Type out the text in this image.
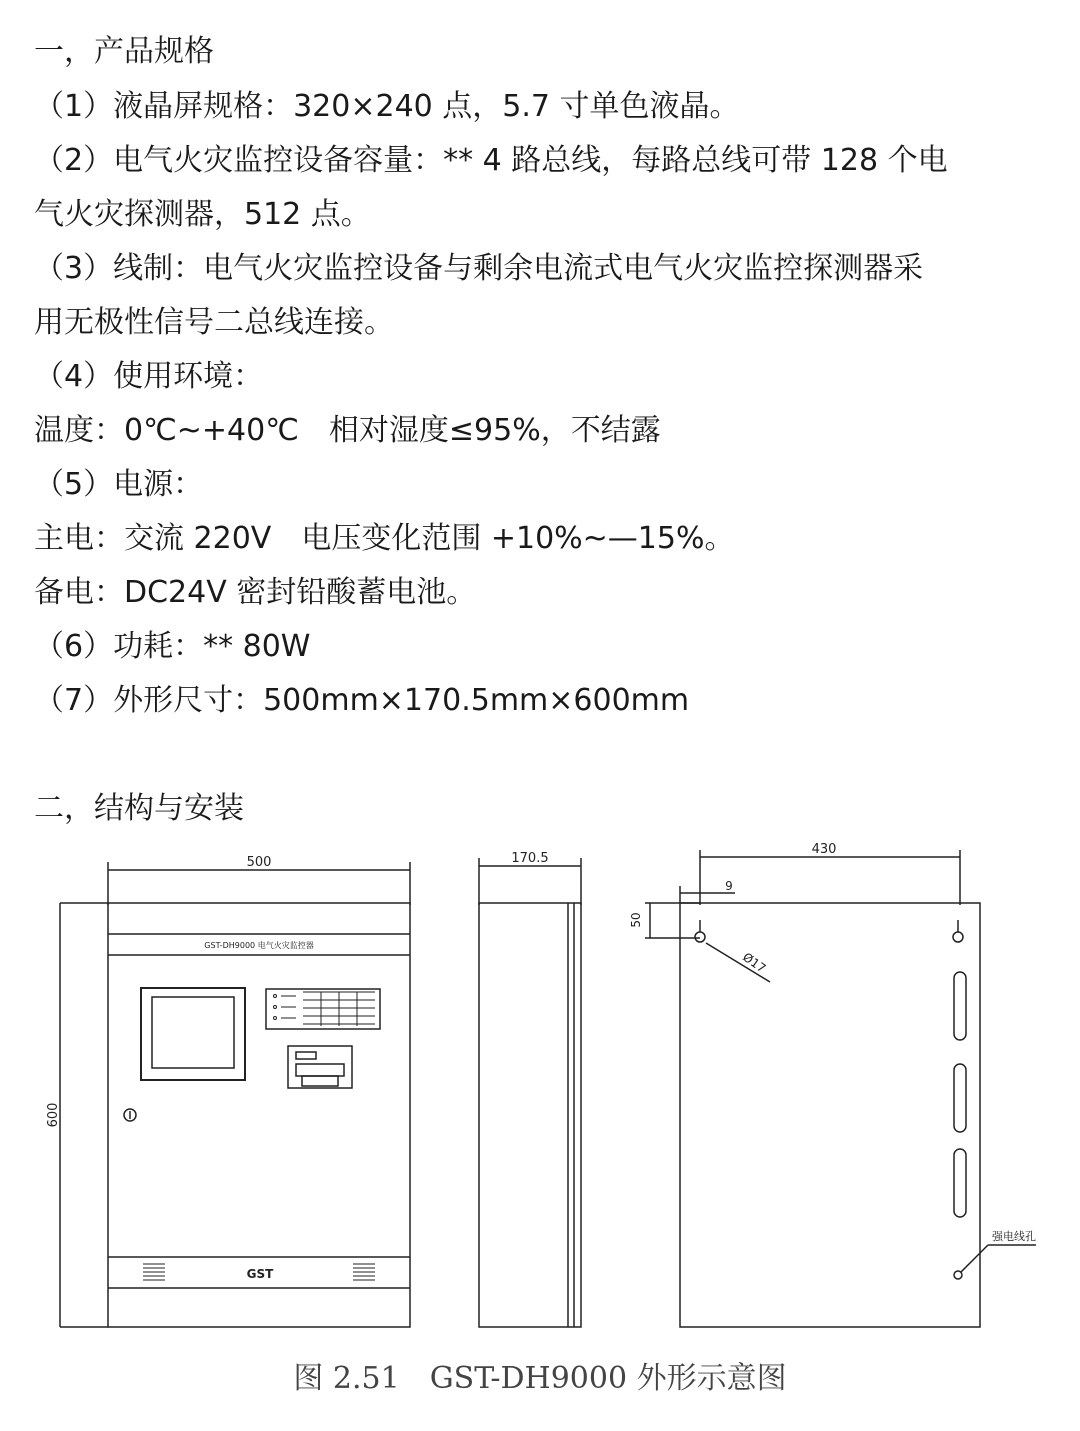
一，产品规格
（1）液晶屏规格：320×240 点，5.7 寸单色液晶。
（2）电气火灾监控设备容量：** 4 路总线，每路总线可带 128 个电
气火灾探测器，512 点。
（3）线制：电气火灾监控设备与剩余电流式电气火灾监控探测器采
用无极性信号二总线连接。
（4）使用环境：
温度：0℃~+40℃　相对湿度≤95%，不结露
（5）电源：
主电：交流 220V　电压变化范围 +10%~—15%。
备电：DC24V 密封铅酸蓄电池。
（6）功耗：** 80W
（7）外形尺寸：500mm×170.5mm×600mm
二，结构与安装
500
600
GST-DH9000 电气火灾监控器
GST
170.5
430
9
50
Ø17
强电线孔
图 2.51　GST-DH9000 外形示意图
